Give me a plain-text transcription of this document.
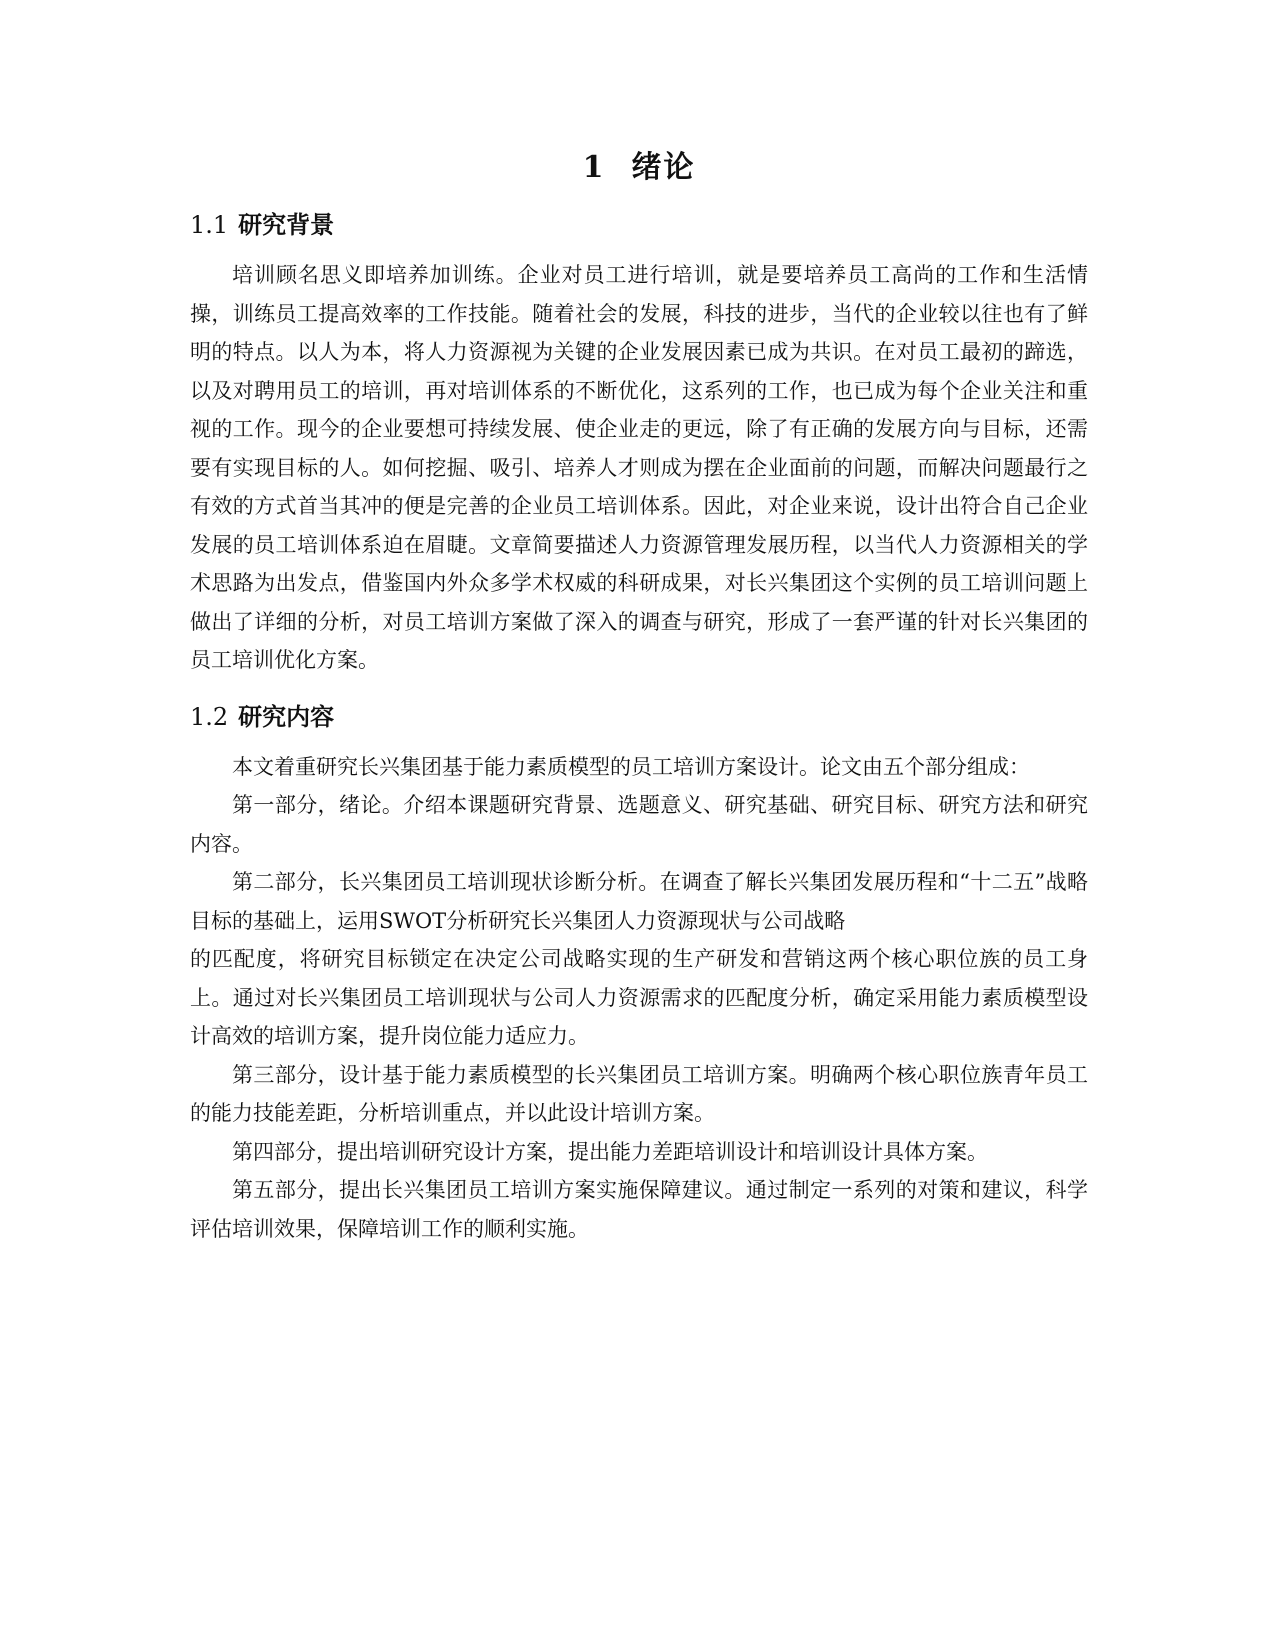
1 绪论
1.1 研究背景

培训顾名思义即培养加训练。企业对员工进行培训，就是要培养员工高尚的工作和生活情操，训练员工提高效率的工作技能。随着社会的发展，科技的进步，当代的企业较以往也有了鲜明的特点。以人为本，将人力资源视为关键的企业发展因素已成为共识。在对员工最初的蹄选，以及对聘用员工的培训，再对培训体系的不断优化，这系列的工作，也已成为每个企业关注和重视的工作。现今的企业要想可持续发展、使企业走的更远，除了有正确的发展方向与目标，还需要有实现目标的人。如何挖掘、吸引、培养人才则成为摆在企业面前的问题，而解决问题最行之有效的方式首当其冲的便是完善的企业员工培训体系。因此，对企业来说，设计出符合自己企业发展的员工培训体系迫在眉睫。文章简要描述人力资源管理发展历程，以当代人力资源相关的学术思路为出发点，借鉴国内外众多学术权威的科研成果，对长兴集团这个实例的员工培训问题上做出了详细的分析，对员工培训方案做了深入的调查与研究，形成了一套严谨的针对长兴集团的员工培训优化方案。

1.2 研究内容

本文着重研究长兴集团基于能力素质模型的员工培训方案设计。论文由五个部分组成：

第一部分，绪论。介绍本课题研究背景、选题意义、研究基础、研究目标、研究方法和研究内容。

第二部分，长兴集团员工培训现状诊断分析。在调查了解长兴集团发展历程和“十二五”战略目标的基础上，运用SWOT分析研究长兴集团人力资源现状与公司战略

的匹配度，将研究目标锁定在决定公司战略实现的生产研发和营销这两个核心职位族的员工身上。通过对长兴集团员工培训现状与公司人力资源需求的匹配度分析，确定采用能力素质模型设计高效的培训方案，提升岗位能力适应力。

第三部分，设计基于能力素质模型的长兴集团员工培训方案。明确两个核心职位族青年员工的能力技能差距，分析培训重点，并以此设计培训方案。

第四部分，提出培训研究设计方案，提出能力差距培训设计和培训设计具体方案。

第五部分，提出长兴集团员工培训方案实施保障建议。通过制定一系列的对策和建议，科学评估培训效果，保障培训工作的顺利实施。
